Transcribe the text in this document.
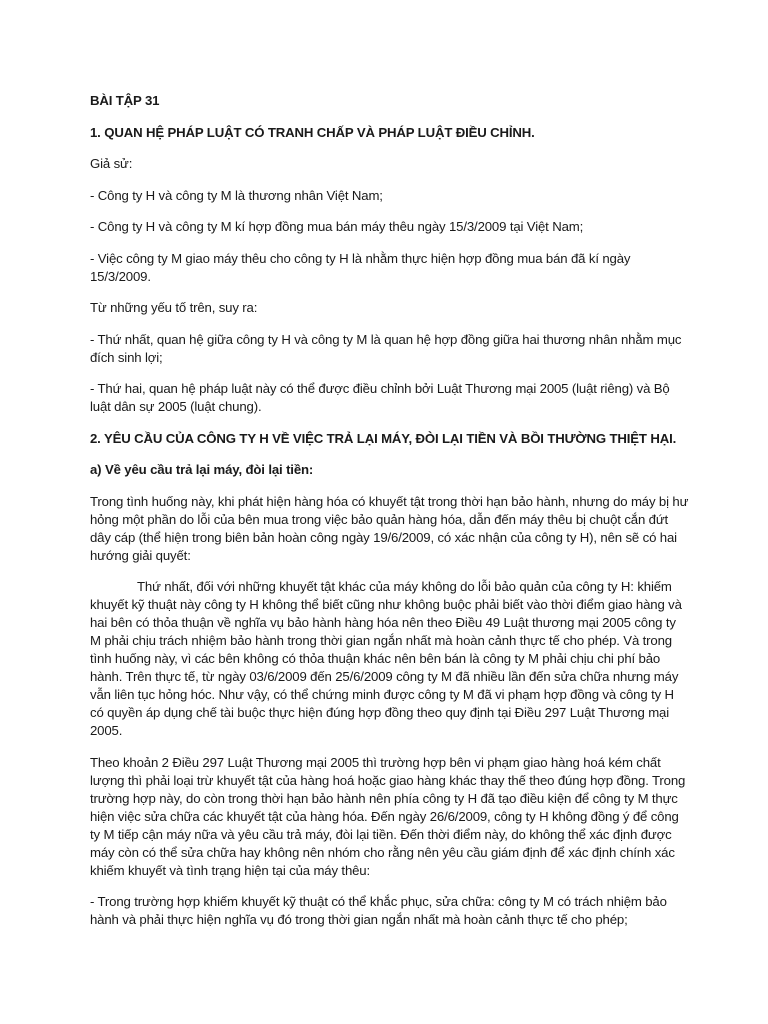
BÀI TẬP 31

1. QUAN HỆ PHÁP LUẬT CÓ TRANH CHẤP VÀ PHÁP LUẬT ĐIỀU CHỈNH.

Giả sử:

- Công ty H và công ty M là thương nhân Việt Nam;

- Công ty H và công ty M kí hợp đồng mua bán máy thêu ngày 15/3/2009 tại Việt Nam;

- Việc công ty M giao máy thêu cho công ty H là nhằm thực hiện hợp đồng mua bán đã kí ngày 15/3/2009.

Từ những yếu tố trên, suy ra:

- Thứ nhất, quan hệ giữa công ty H và công ty M là quan hệ hợp đồng giữa hai thương nhân nhằm mục đích sinh lợi;

- Thứ hai, quan hệ pháp luật này có thể được điều chỉnh bởi Luật Thương mại 2005 (luật riêng) và Bộ luật dân sự 2005 (luật chung).

2. YÊU CẦU CỦA CÔNG TY H VỀ VIỆC TRẢ LẠI MÁY, ĐÒI LẠI TIỀN VÀ BỒI THƯỜNG THIỆT HẠI.

a) Về yêu cầu trả lại máy, đòi lại tiền:

Trong tình huống này, khi phát hiện hàng hóa có khuyết tật trong thời hạn bảo hành, nhưng do máy bị hư hỏng một phần do lỗi của bên mua trong việc bảo quản hàng hóa, dẫn đến máy thêu bị chuột cắn đứt dây cáp (thể hiện trong biên bản hoàn công ngày 19/6/2009, có xác nhận của công ty H), nên sẽ có hai hướng giải quyết:

Thứ nhất, đối với những khuyết tật khác của máy không do lỗi bảo quản của công ty H: khiếm khuyết kỹ thuật này công ty H không thể biết cũng như không buộc phải biết vào thời điểm giao hàng và hai bên có thỏa thuận về nghĩa vụ bảo hành hàng hóa nên theo Điều 49 Luật thương mại 2005 công ty M phải chịu trách nhiệm bảo hành trong thời gian ngắn nhất mà hoàn cảnh thực tế cho phép. Và trong tình huống này, vì các bên không có thỏa thuận khác nên bên bán là công ty M phải chịu chi phí bảo hành. Trên thực tế, từ ngày 03/6/2009 đến 25/6/2009 công ty M đã nhiều lần đến sửa chữa nhưng máy vẫn liên tục hỏng hóc. Như vậy, có thể chứng minh được công ty M đã vi phạm hợp đồng và công ty H có quyền áp dụng chế tài buộc thực hiện đúng hợp đồng theo quy định tại Điều 297 Luật Thương mại 2005.

Theo khoản 2 Điều 297 Luật Thương mại 2005 thì trường hợp bên vi phạm giao hàng hoá kém chất lượng thì phải loại trừ khuyết tật của hàng hoá hoặc giao hàng khác thay thế theo đúng hợp đồng. Trong trường hợp này, do còn trong thời hạn bảo hành nên phía công ty H đã tạo điều kiện để công ty M thực hiện việc sửa chữa các khuyết tật của hàng hóa. Đến ngày 26/6/2009, công ty H không đồng ý để công ty M tiếp cận máy nữa và yêu cầu trả máy, đòi lại tiền. Đến thời điểm này, do không thể xác định được máy còn có thể sửa chữa hay không nên nhóm cho rằng nên yêu cầu giám định để xác định chính xác khiếm khuyết và tình trạng hiện tại của máy thêu:

- Trong trường hợp khiếm khuyết kỹ thuật có thể khắc phục, sửa chữa: công ty M có trách nhiệm bảo hành và phải thực hiện nghĩa vụ đó trong thời gian ngắn nhất mà hoàn cảnh thực tế cho phép;
